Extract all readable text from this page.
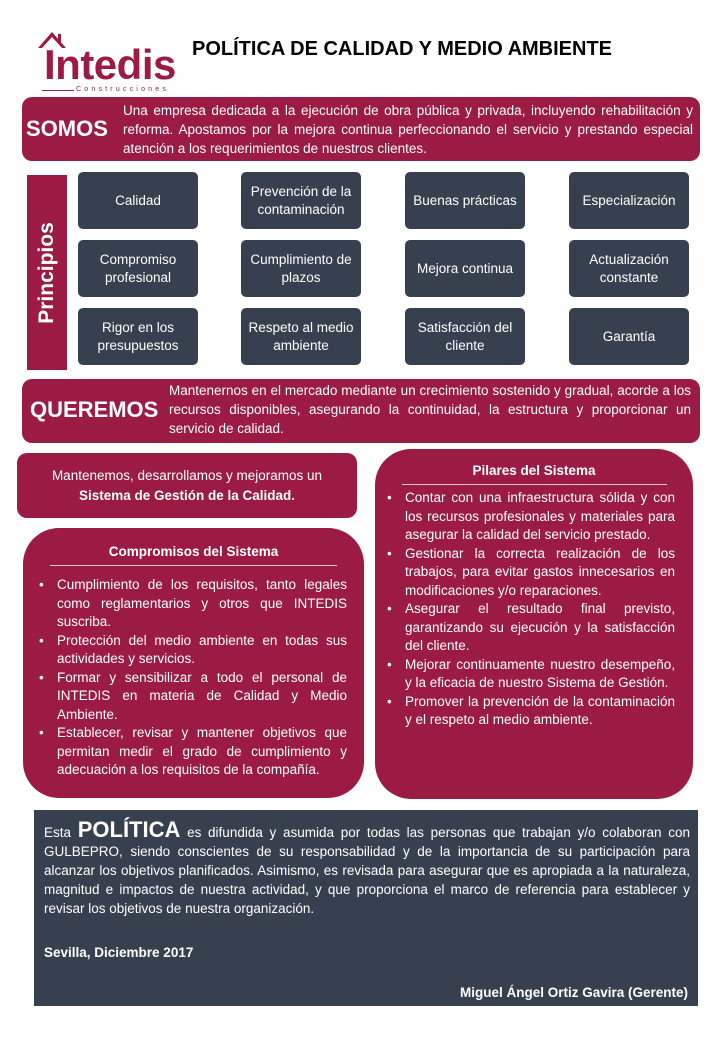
Intedis
Construcciones
POLÍTICA DE CALIDAD Y MEDIO AMBIENTE
SOMOS
Una empresa dedicada a la ejecución de obra pública y privada, incluyendo rehabilitación y reforma. Apostamos por la mejora continua perfeccionando el servicio y prestando especial atención a los requerimientos de nuestros clientes.
Principios
Calidad
Prevención de la contaminación
Buenas prácticas	Especialización
Compromiso profesional
Cumplimiento de plazos
Mejora continua
Actualización constante
Rigor en los presupuestos
Respeto al medio ambiente
Satisfacción del cliente
Garantía
QUEREMOS
Mantenernos en el mercado mediante un crecimiento sostenido y gradual, acorde a los recursos disponibles, asegurando la continuidad, la estructura y proporcionar un servicio de calidad.
Mantenemos, desarrollamos y mejoramos un
Sistema de Gestión de la Calidad.
Compromisos del Sistema
• Cumplimiento de los requisitos, tanto legales como reglamentarios y otros que INTEDIS suscriba.
• Protección del medio ambiente en todas sus actividades y servicios.
• Formar y sensibilizar a todo el personal de INTEDIS en materia de Calidad y Medio Ambiente.
• Establecer, revisar y mantener objetivos que permitan medir el grado de cumplimiento y adecuación a los requisitos de la compañía.
Pilares del Sistema
• Contar con una infraestructura sólida y con los recursos profesionales y materiales para asegurar la calidad del servicio prestado.
• Gestionar la correcta realización de los trabajos, para evitar gastos innecesarios en modificaciones y/o reparaciones.
• Asegurar el resultado final previsto, garantizando su ejecución y la satisfacción del cliente.
• Mejorar continuamente nuestro desempeño, y la eficacia de nuestro Sistema de Gestión.
• Promover la prevención de la contaminación y el respeto al medio ambiente.
Esta POLÍTICA es difundida y asumida por todas las personas que trabajan y/o colaboran con GULBEPRO, siendo conscientes de su responsabilidad y de la importancia de su participación para alcanzar los objetivos planificados. Asimismo, es revisada para asegurar que es apropiada a la naturaleza, magnitud e impactos de nuestra actividad, y que proporciona el marco de referencia para establecer y revisar los objetivos de nuestra organización.
Sevilla, Diciembre 2017
Miguel Ángel Ortiz Gavira (Gerente)
